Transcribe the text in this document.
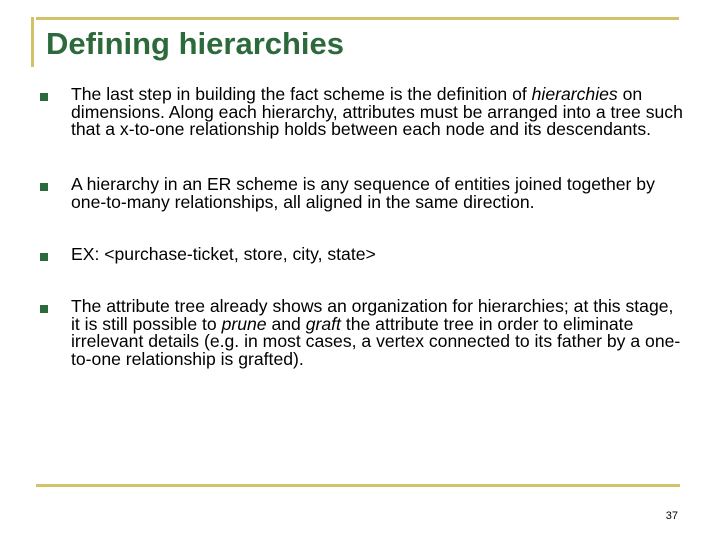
Defining hierarchies
The last step in building the fact scheme is the definition of hierarchies on dimensions. Along each hierarchy, attributes must be arranged into a tree such that a x-to-one relationship holds between each node and its descendants.
A hierarchy in an ER scheme is any sequence of entities joined together by one-to-many relationships, all aligned in the same direction.
EX: <purchase-ticket, store, city, state>
The attribute tree already shows an organization for hierarchies; at this stage, it is still possible to prune and graft the attribute tree in order to eliminate irrelevant details (e.g. in most cases, a vertex connected to its father by a one-to-one relationship is grafted).
37
